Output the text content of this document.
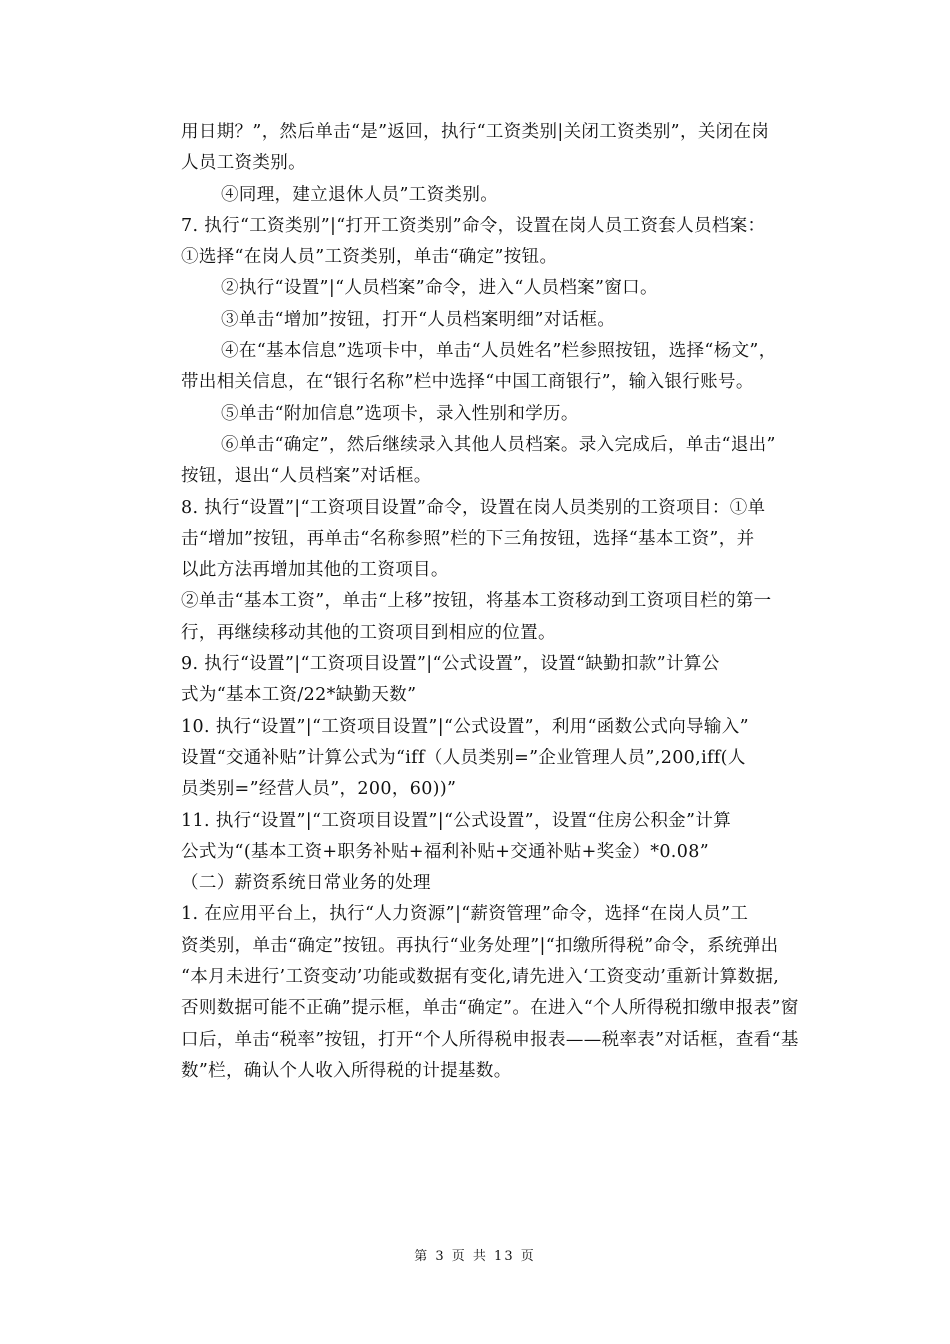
用日期？”，然后单击“是”返回，执行“工资类别|关闭工资类别”，关闭在岗
人员工资类别。
④同理，建立退休人员”工资类别。
7. 执行“工资类别”|“打开工资类别”命令，设置在岗人员工资套人员档案：
①选择“在岗人员”工资类别，单击“确定”按钮。
②执行“设置”|“人员档案”命令，进入“人员档案”窗口。
③单击“增加”按钮，打开“人员档案明细”对话框。
④在“基本信息”选项卡中，单击“人员姓名”栏参照按钮，选择“杨文”，
带出相关信息，在“银行名称”栏中选择“中国工商银行”，输入银行账号。
⑤单击“附加信息”选项卡，录入性别和学历。
⑥单击“确定”，然后继续录入其他人员档案。录入完成后，单击“退出”
按钮，退出“人员档案”对话框。
8. 执行“设置”|“工资项目设置”命令，设置在岗人员类别的工资项目：①单
击“增加”按钮，再单击“名称参照”栏的下三角按钮，选择“基本工资”，并
以此方法再增加其他的工资项目。
②单击“基本工资”，单击“上移”按钮，将基本工资移动到工资项目栏的第一
行，再继续移动其他的工资项目到相应的位置。
9. 执行“设置”|“工资项目设置”|“公式设置”，设置“缺勤扣款”计算公
式为“基本工资/22*缺勤天数”
10. 执行“设置”|“工资项目设置”|“公式设置”，利用“函数公式向导输入”
设置“交通补贴”计算公式为“iff（人员类别=”企业管理人员”,200,iff(人
员类别=”经营人员”，200，60))”
11. 执行“设置”|“工资项目设置”|“公式设置”，设置“住房公积金”计算
公式为“(基本工资+职务补贴+福利补贴+交通补贴+奖金）*0.08”
（二）薪资系统日常业务的处理
1. 在应用平台上，执行“人力资源”|“薪资管理”命令，选择“在岗人员”工
资类别，单击“确定”按钮。再执行“业务处理”|“扣缴所得税”命令，系统弹出
“本月未进行’工资变动’功能或数据有变化,请先进入‘工资变动’重新计算数据,
否则数据可能不正确”提示框，单击“确定”。在进入“个人所得税扣缴申报表”窗
口后，单击“税率”按钮，打开“个人所得税申报表——税率表”对话框，查看“基
数”栏，确认个人收入所得税的计提基数。
第 3 页 共 13 页
